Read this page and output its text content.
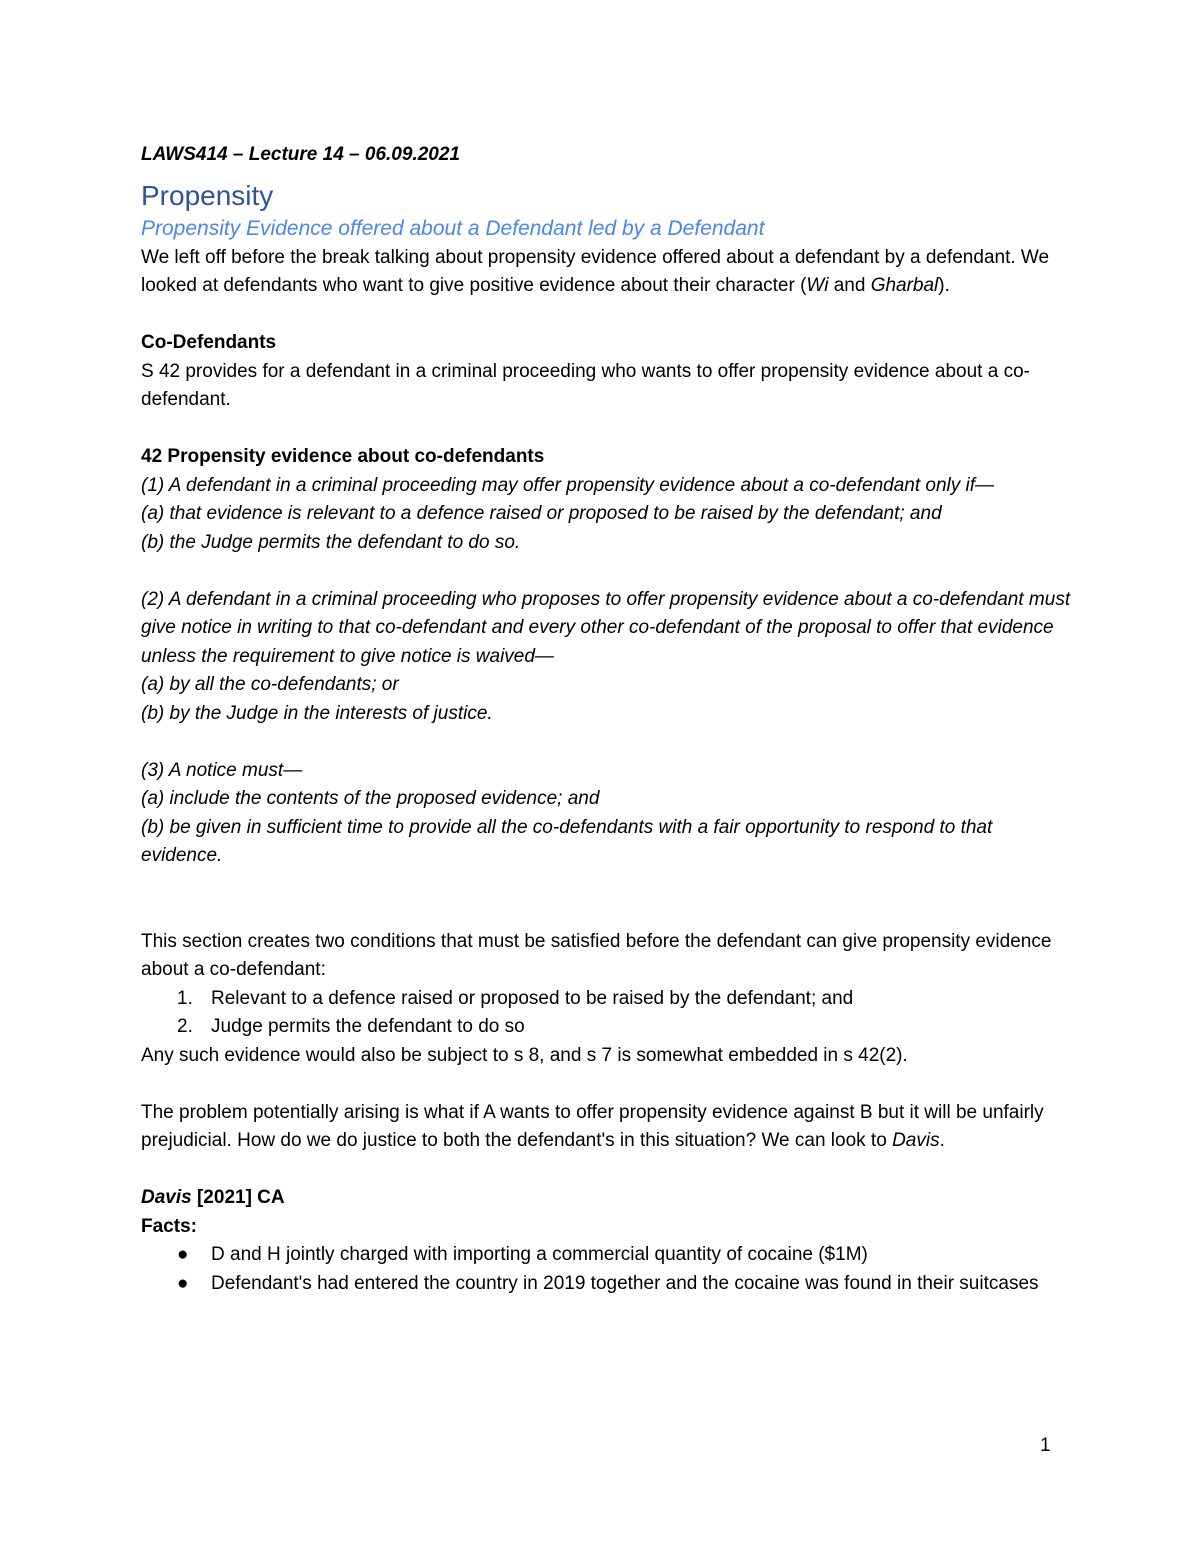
LAWS414 – Lecture 14 – 06.09.2021

Propensity

Propensity Evidence offered about a Defendant led by a Defendant

We left off before the break talking about propensity evidence offered about a defendant by a defendant. We looked at defendants who want to give positive evidence about their character (Wi and Gharbal).

Co-Defendants

S 42 provides for a defendant in a criminal proceeding who wants to offer propensity evidence about a co-defendant.

42 Propensity evidence about co-defendants

(1) A defendant in a criminal proceeding may offer propensity evidence about a co-defendant only if—

(a) that evidence is relevant to a defence raised or proposed to be raised by the defendant; and

(b) the Judge permits the defendant to do so.

(2) A defendant in a criminal proceeding who proposes to offer propensity evidence about a co-defendant must give notice in writing to that co-defendant and every other co-defendant of the proposal to offer that evidence unless the requirement to give notice is waived—

(a) by all the co-defendants; or

(b) by the Judge in the interests of justice.

(3) A notice must—

(a) include the contents of the proposed evidence; and

(b) be given in sufficient time to provide all the co-defendants with a fair opportunity to respond to that evidence.

This section creates two conditions that must be satisfied before the defendant can give propensity evidence about a co-defendant:

1. Relevant to a defence raised or proposed to be raised by the defendant; and
2. Judge permits the defendant to do so

Any such evidence would also be subject to s 8, and s 7 is somewhat embedded in s 42(2).

The problem potentially arising is what if A wants to offer propensity evidence against B but it will be unfairly prejudicial. How do we do justice to both the defendant's in this situation? We can look to Davis.

Davis [2021] CA

Facts:

● D and H jointly charged with importing a commercial quantity of cocaine ($1M)
● Defendant's had entered the country in 2019 together and the cocaine was found in their suitcases
1
